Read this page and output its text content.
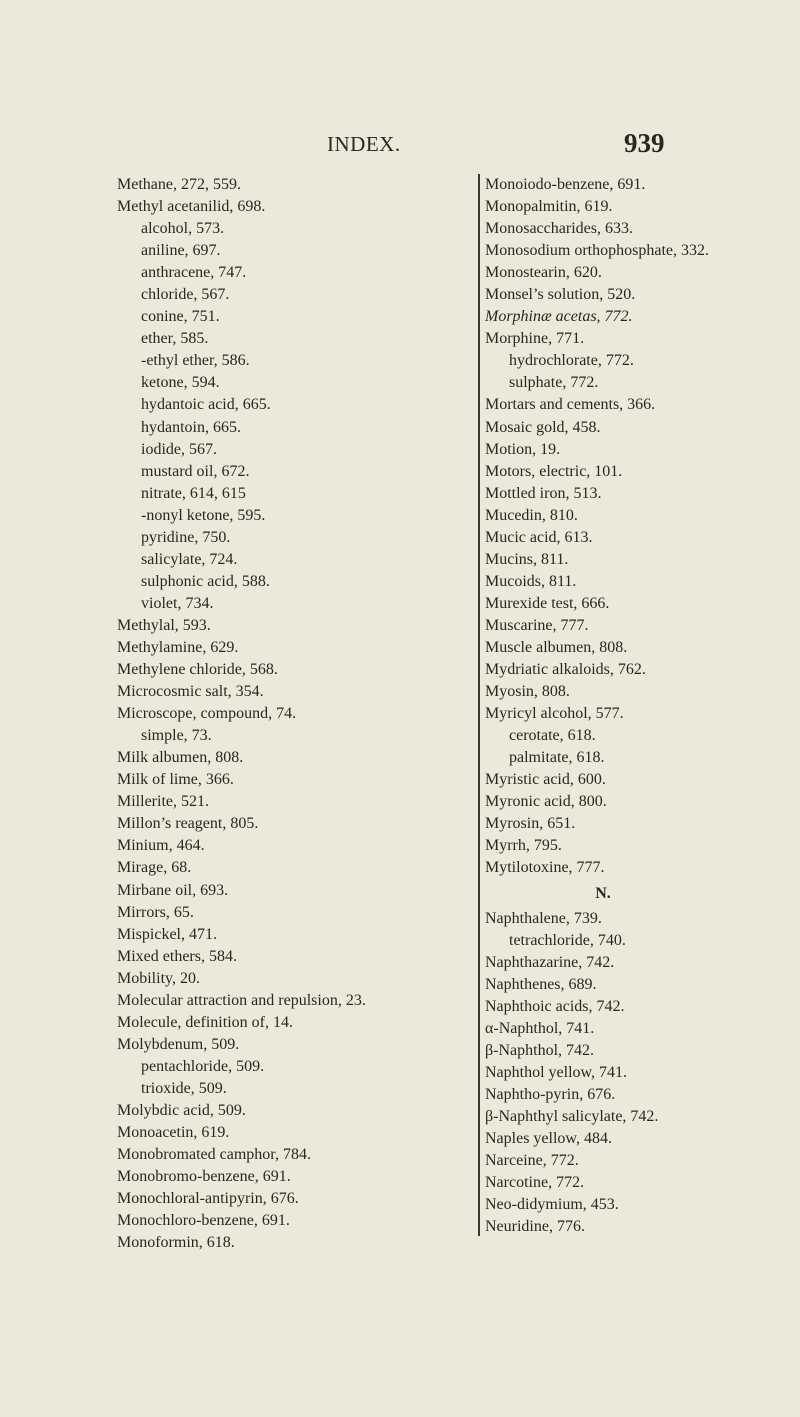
INDEX.	939
Methane, 272, 559.
Methyl acetanilid, 698.
alcohol, 573.
aniline, 697.
anthracene, 747.
chloride, 567.
conine, 751.
ether, 585.
-ethyl ether, 586.
ketone, 594.
hydantoic acid, 665.
hydantoin, 665.
iodide, 567.
mustard oil, 672.
nitrate, 614, 615
-nonyl ketone, 595.
pyridine, 750.
salicylate, 724.
sulphonic acid, 588.
violet, 734.
Methylal, 593.
Methylamine, 629.
Methylene chloride, 568.
Microcosmic salt, 354.
Microscope, compound, 74.
simple, 73.
Milk albumen, 808.
Milk of lime, 366.
Millerite, 521.
Millon’s reagent, 805.
Minium, 464.
Mirage, 68.
Mirbane oil, 693.
Mirrors, 65.
Mispickel, 471.
Mixed ethers, 584.
Mobility, 20.
Molecular attraction and repulsion, 23.
Molecule, definition of, 14.
Molybdenum, 509.
pentachloride, 509.
trioxide, 509.
Molybdic acid, 509.
Monoacetin, 619.
Monobromated camphor, 784.
Monobromo-benzene, 691.
Monochloral-antipyrin, 676.
Monochloro-benzene, 691.
Monoformin, 618.
Monoiodo-benzene, 691.
Monopalmitin, 619.
Monosaccharides, 633.
Monosodium orthophosphate, 332.
Monostearin, 620.
Monsel’s solution, 520.
Morphinæ acetas, 772.
Morphine, 771.
hydrochlorate, 772.
sulphate, 772.
Mortars and cements, 366.
Mosaic gold, 458.
Motion, 19.
Motors, electric, 101.
Mottled iron, 513.
Mucedin, 810.
Mucic acid, 613.
Mucins, 811.
Mucoids, 811.
Murexide test, 666.
Muscarine, 777.
Muscle albumen, 808.
Mydriatic alkaloids, 762.
Myosin, 808.
Myricyl alcohol, 577.
cerotate, 618.
palmitate, 618.
Myristic acid, 600.
Myronic acid, 800.
Myrosin, 651.
Myrrh, 795.
Mytilotoxine, 777.
N.
Naphthalene, 739.
tetrachloride, 740.
Naphthazarine, 742.
Naphthenes, 689.
Naphthoic acids, 742.
α-Naphthol, 741.
β-Naphthol, 742.
Naphthol yellow, 741.
Naphtho-pyrin, 676.
β-Naphthyl salicylate, 742.
Naples yellow, 484.
Narceine, 772.
Narcotine, 772.
Neo-didymium, 453.
Neuridine, 776.
